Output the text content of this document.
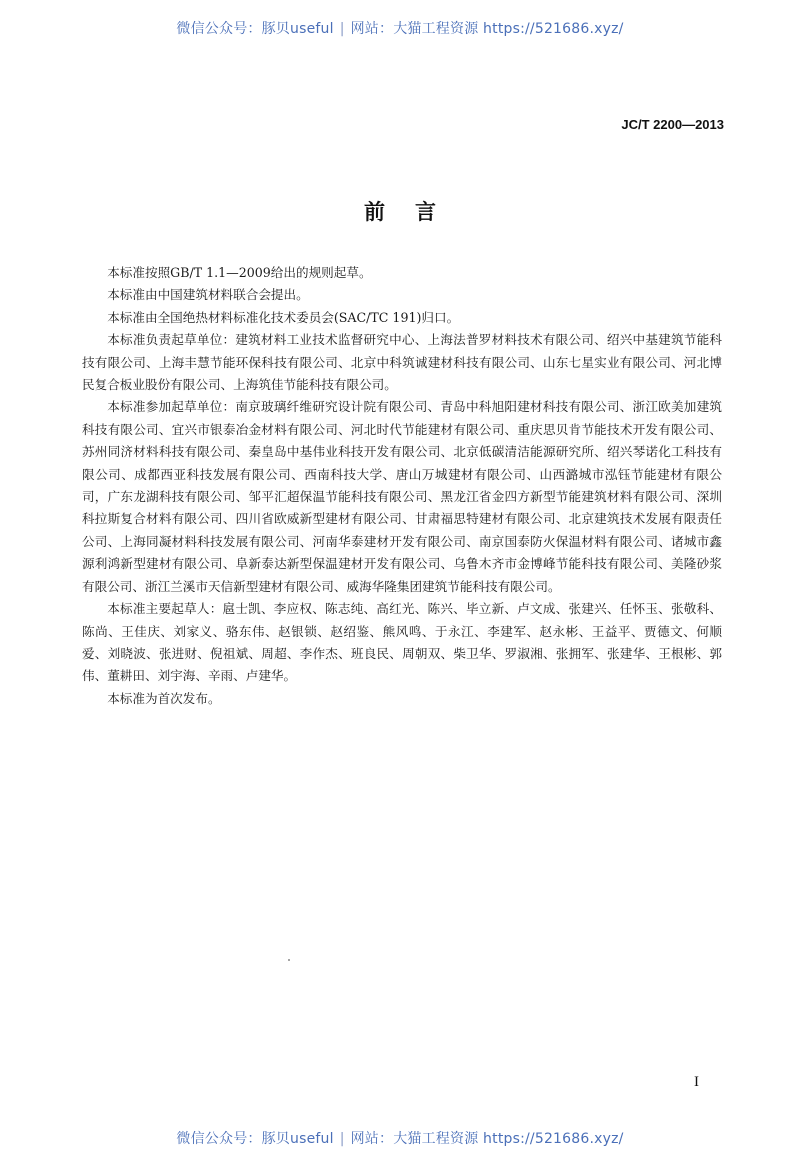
微信公众号：豚贝useful | 网站：大猫工程资源 https://521686.xyz/
JC/T 2200—2013
前言

本标准按照GB/T 1.1—2009给出的规则起草。

本标准由中国建筑材料联合会提出。

本标准由全国绝热材料标准化技术委员会(SAC/TC 191)归口。

本标准负责起草单位：建筑材料工业技术监督研究中心、上海法普罗材料技术有限公司、绍兴中基建筑节能科技有限公司、上海丰慧节能环保科技有限公司、北京中科筑诚建材科技有限公司、山东七星实业有限公司、河北博民复合板业股份有限公司、上海筑佳节能科技有限公司。

本标准参加起草单位：南京玻璃纤维研究设计院有限公司、青岛中科旭阳建材科技有限公司、浙江欧美加建筑科技有限公司、宜兴市银泰冶金材料有限公司、河北时代节能建材有限公司、重庆思贝肯节能技术开发有限公司、苏州同济材料科技有限公司、秦皇岛中基伟业科技开发有限公司、北京低碳清洁能源研究所、绍兴琴诺化工科技有限公司、成都西亚科技发展有限公司、西南科技大学、唐山万城建材有限公司、山西潞城市泓钰节能建材有限公司，广东龙湖科技有限公司、邹平汇超保温节能科技有限公司、黑龙江省金四方新型节能建筑材料有限公司、深圳科拉斯复合材料有限公司、四川省欧威新型建材有限公司、甘肃福思特建材有限公司、北京建筑技术发展有限责任公司、上海同凝材料科技发展有限公司、河南华泰建材开发有限公司、南京国泰防火保温材料有限公司、诸城市鑫源利鸿新型建材有限公司、阜新泰达新型保温建材开发有限公司、乌鲁木齐市金博峰节能科技有限公司、美隆砂浆有限公司、浙江兰溪市天信新型建材有限公司、威海华隆集团建筑节能科技有限公司。

本标准主要起草人：扈士凯、李应权、陈志纯、高红光、陈兴、毕立新、卢文成、张建兴、任怀玉、张敬科、陈尚、王佳庆、刘家义、骆东伟、赵银锁、赵绍鉴、熊风鸣、于永江、李建军、赵永彬、王益平、贾德文、何顺爱、刘晓波、张进财、倪祖斌、周超、李作杰、班良民、周朝双、柴卫华、罗淑湘、张拥军、张建华、王根彬、郭伟、董耕田、刘宇海、辛雨、卢建华。

本标准为首次发布。

I
微信公众号：豚贝useful | 网站：大猫工程资源 https://521686.xyz/
